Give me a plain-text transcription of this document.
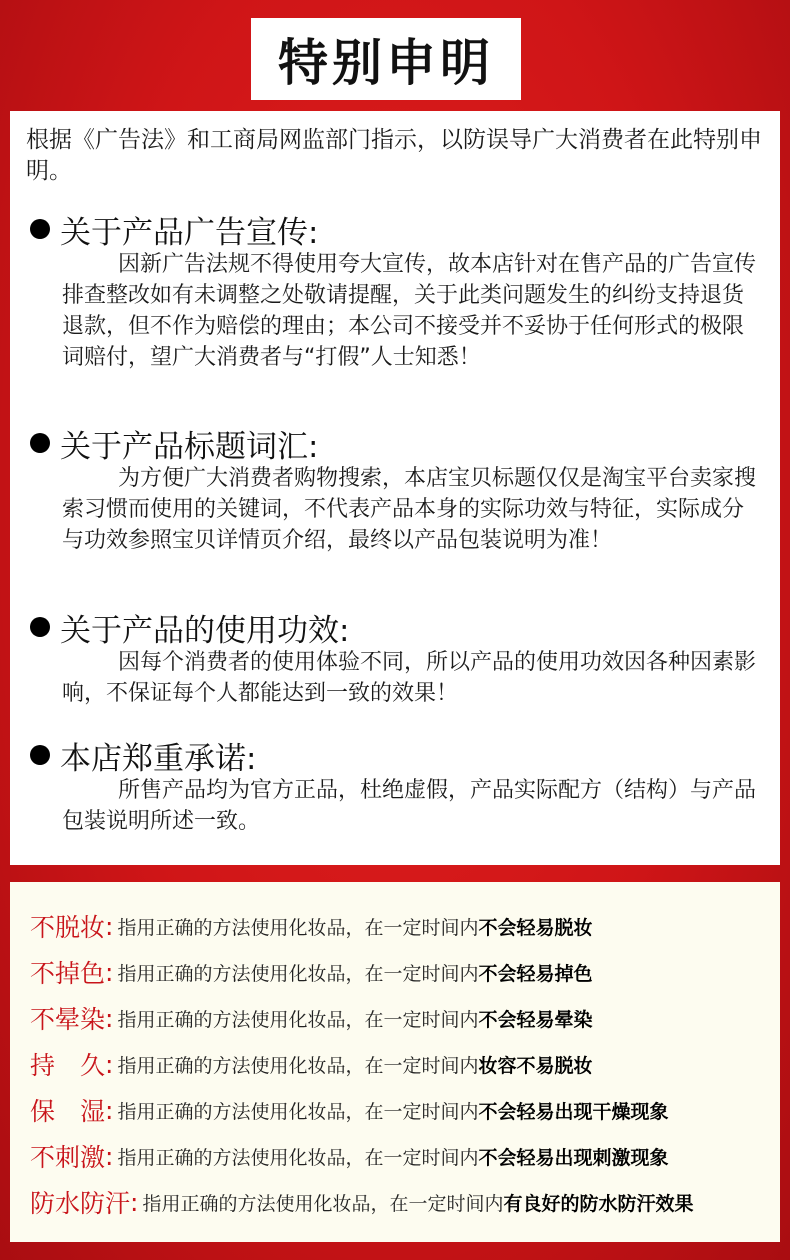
特别申明
根据《广告法》和工商局网监部门指示，以防误导广大消费者在此特别申明。
关于产品广告宣传:
因新广告法规不得使用夸大宣传，故本店针对在售产品的广告宣传排查整改如有未调整之处敬请提醒，关于此类问题发生的纠纷支持退货退款，但不作为赔偿的理由；本公司不接受并不妥协于任何形式的极限词赔付，望广大消费者与“打假”人士知悉！
关于产品标题词汇:
为方便广大消费者购物搜索，本店宝贝标题仅仅是淘宝平台卖家搜索习惯而使用的关键词，不代表产品本身的实际功效与特征，实际成分与功效参照宝贝详情页介绍，最终以产品包装说明为准！
关于产品的使用功效:
因每个消费者的使用体验不同，所以产品的使用功效因各种因素影响，不保证每个人都能达到一致的效果！
本店郑重承诺:
所售产品均为官方正品，杜绝虚假，产品实际配方（结构）与产品包装说明所述一致。
不脱妆 : 指用正确的方法使用化妆品，在一定时间内 不会轻易脱妆
不掉色 : 指用正确的方法使用化妆品，在一定时间内 不会轻易掉色
不晕染 : 指用正确的方法使用化妆品，在一定时间内 不会轻易晕染
持　久 : 指用正确的方法使用化妆品，在一定时间内 妆容不易脱妆
保　湿 : 指用正确的方法使用化妆品，在一定时间内 不会轻易出现干燥现象
不刺激 : 指用正确的方法使用化妆品，在一定时间内 不会轻易出现刺激现象
防水防汗 : 指用正确的方法使用化妆品，在一定时间内 有良好的防水防汗效果
